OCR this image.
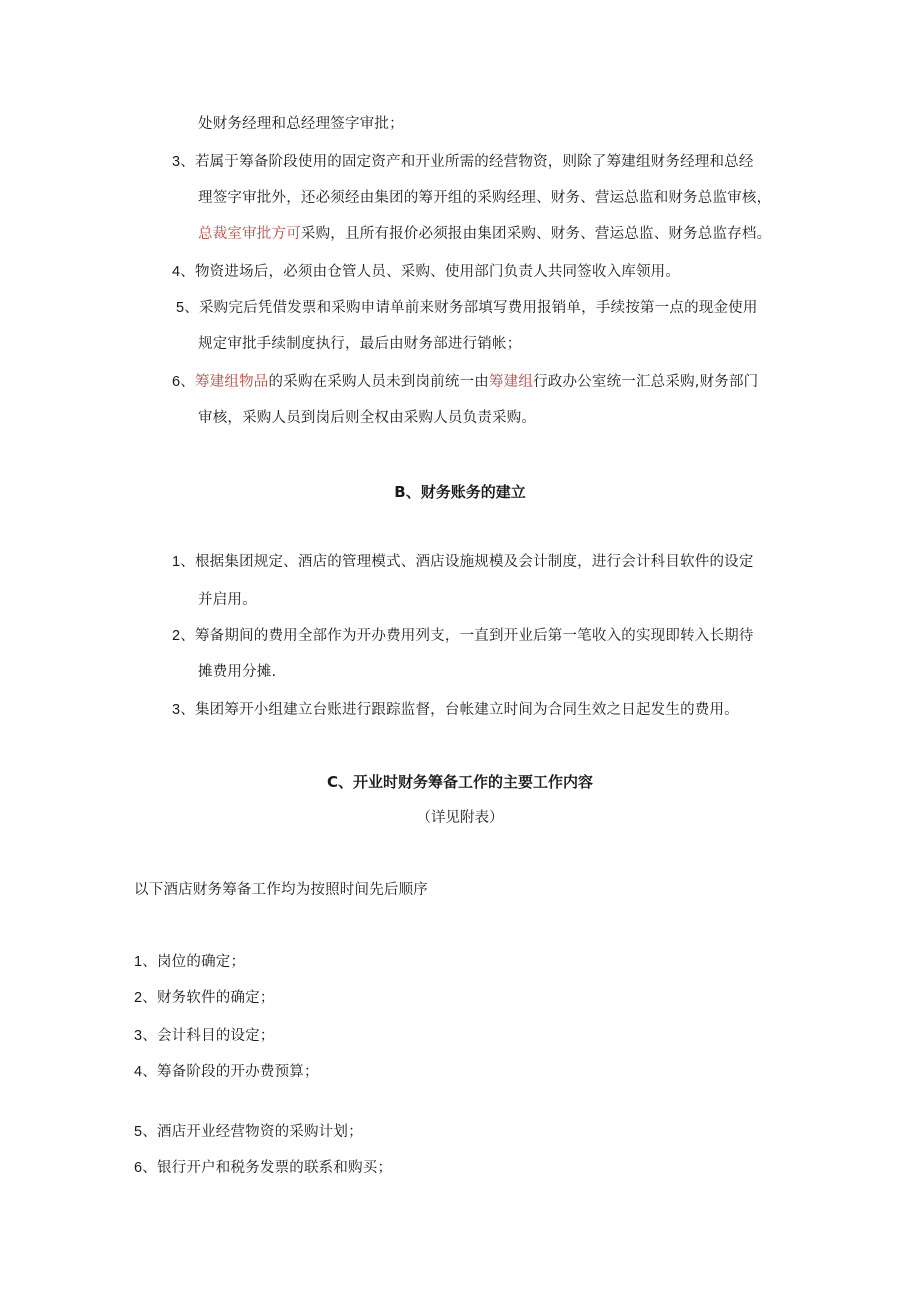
处财务经理和总经理签字审批；
3、若属于筹备阶段使用的固定资产和开业所需的经营物资，则除了筹建组财务经理和总经
理签字审批外，还必须经由集团的筹开组的采购经理、财务、营运总监和财务总监审核，
总裁室审批方可采购，且所有报价必须报由集团采购、财务、营运总监、财务总监存档。
4、物资进场后，必须由仓管人员、采购、使用部门负责人共同签收入库领用。
5、采购完后凭借发票和采购申请单前来财务部填写费用报销单，手续按第一点的现金使用
规定审批手续制度执行，最后由财务部进行销帐；
6、筹建组物品的采购在采购人员未到岗前统一由筹建组行政办公室统一汇总采购,财务部门
审核，采购人员到岗后则全权由采购人员负责采购。
B、财务账务的建立
1、根据集团规定、酒店的管理模式、酒店设施规模及会计制度，进行会计科目软件的设定
并启用。
2、筹备期间的费用全部作为开办费用列支，一直到开业后第一笔收入的实现即转入长期待
摊费用分摊.
3、集团筹开小组建立台账进行跟踪监督，台帐建立时间为合同生效之日起发生的费用。
C、开业时财务筹备工作的主要工作内容
（详见附表）
以下酒店财务筹备工作均为按照时间先后顺序
1、岗位的确定；
2、财务软件的确定；
3、会计科目的设定；
4、筹备阶段的开办费预算；
5、酒店开业经营物资的采购计划；
6、银行开户和税务发票的联系和购买；
